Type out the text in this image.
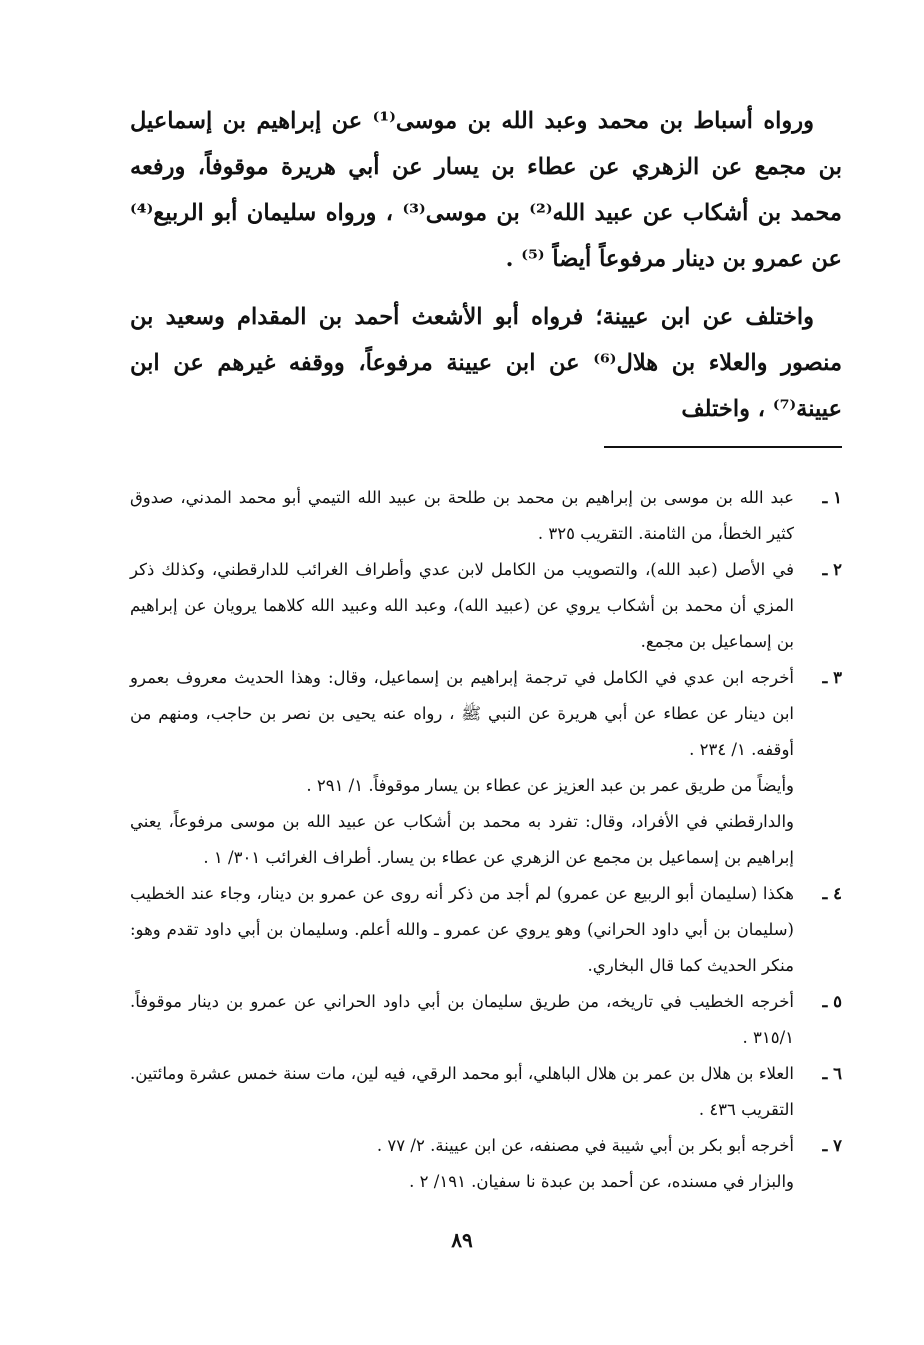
ورواه أسباط بن محمد وعبد الله بن موسى⁽¹⁾ عن إبراهيم بن إسماعيل بن مجمع عن الزهري عن عطاء بن يسار عن أبي هريرة موقوفاً، ورفعه محمد بن أشكاب عن عبيد الله⁽²⁾ بن موسى⁽³⁾ ، ورواه سليمان أبو الربيع⁽⁴⁾ عن عمرو بن دينار مرفوعاً أيضاً ⁽⁵⁾ .

واختلف عن ابن عيينة؛ فرواه أبو الأشعث أحمد بن المقدام وسعيد بن منصور والعلاء بن هلال⁽⁶⁾ عن ابن عيينة مرفوعاً، ووقفه غيرهم عن ابن عيينة⁽⁷⁾ ، واختلف

١ ـ

عبد الله بن موسى بن إبراهيم بن محمد بن طلحة بن عبيد الله التيمي أبو محمد المدني، صدوق كثير الخطأ، من الثامنة. التقريب ٣٢٥ .

٢ ـ

في الأصل (عبد الله)، والتصويب من الكامل لابن عدي وأطراف الغرائب للدارقطني، وكذلك ذكر المزي أن محمد بن أشكاب يروي عن (عبيد الله)، وعبد الله وعبيد الله كلاهما يرويان عن إبراهيم بن إسماعيل بن مجمع.

٣ ـ

أخرجه ابن عدي في الكامل في ترجمة إبراهيم بن إسماعيل، وقال: وهذا الحديث معروف بعمرو ابن دينار عن عطاء عن أبي هريرة عن النبي ﷺ ، رواه عنه يحيى بن نصر بن حاجب، ومنهم من أوقفه. ١/ ٢٣٤ .

وأيضاً من طريق عمر بن عبد العزيز عن عطاء بن يسار موقوفاً. ١/ ٢٩١ .

والدارقطني في الأفراد، وقال: تفرد به محمد بن أشكاب عن عبيد الله بن موسى مرفوعاً، يعني إبراهيم بن إسماعيل بن مجمع عن الزهري عن عطاء بن يسار. أطراف الغرائب ٣٠١/ ١ .

٤ ـ

هكذا (سليمان أبو الربيع عن عمرو) لم أجد من ذكر أنه روى عن عمرو بن دينار، وجاء عند الخطيب (سليمان بن أبي داود الحراني) وهو يروي عن عمرو ـ والله أعلم. وسليمان بن أبي داود تقدم وهو: منكر الحديث كما قال البخاري.

٥ ـ

أخرجه الخطيب في تاريخه، من طريق سليمان بن أبي داود الحراني عن عمرو بن دينار موقوفاً. ٣١٥/١ .

٦ ـ

العلاء بن هلال بن عمر بن هلال الباهلي، أبو محمد الرقي، فيه لين، مات سنة خمس عشرة ومائتين. التقريب ٤٣٦ .

٧ ـ

أخرجه أبو بكر بن أبي شيبة في مصنفه، عن ابن عيينة. ٢/ ٧٧ .

والبزار في مسنده، عن أحمد بن عبدة نا سفيان. ١٩١/ ٢ .

٨٩
